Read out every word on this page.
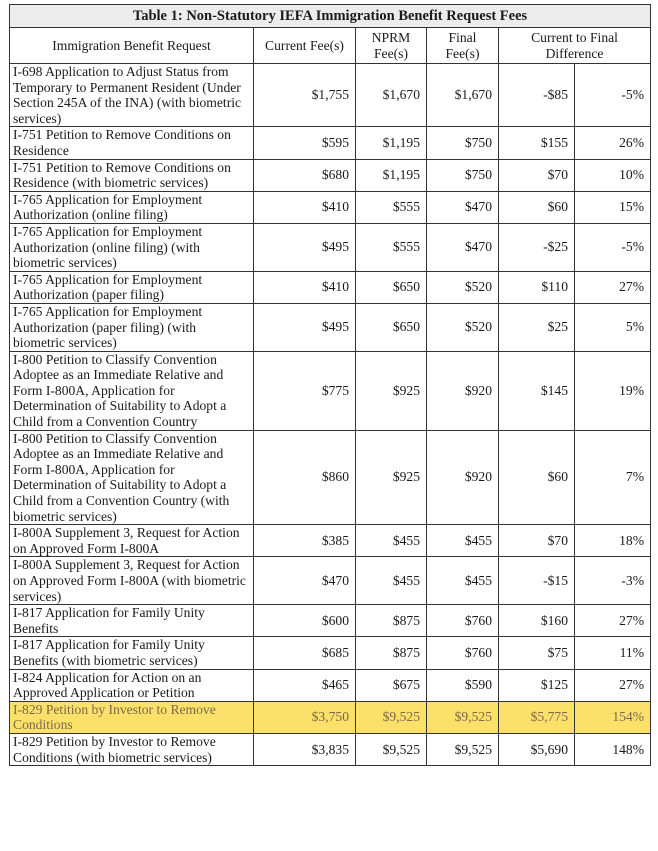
Table 1: Non-Statutory IEFA Immigration Benefit Request Fees					
Immigration Benefit Request	Current Fee(s)	NPRM Fee(s)	Final Fee(s)	Current to Final Difference	
I-698 Application to Adjust Status from Temporary to Permanent Resident (Under Section 245A of the INA) (with biometric services)	$1,755	$1,670	$1,670	-$85	-5%
I-751 Petition to Remove Conditions on Residence	$595	$1,195	$750	$155	26%
I-751 Petition to Remove Conditions on Residence (with biometric services)	$680	$1,195	$750	$70	10%
I-765 Application for Employment Authorization (online filing)	$410	$555	$470	$60	15%
I-765 Application for Employment Authorization (online filing) (with biometric services)	$495	$555	$470	-$25	-5%
I-765 Application for Employment Authorization (paper filing)	$410	$650	$520	$110	27%
I-765 Application for Employment Authorization (paper filing) (with biometric services)	$495	$650	$520	$25	5%
I-800 Petition to Classify Convention Adoptee as an Immediate Relative and Form I-800A, Application for Determination of Suitability to Adopt a Child from a Convention Country	$775	$925	$920	$145	19%
I-800 Petition to Classify Convention Adoptee as an Immediate Relative and Form I-800A, Application for Determination of Suitability to Adopt a Child from a Convention Country (with biometric services)	$860	$925	$920	$60	7%
I-800A Supplement 3, Request for Action on Approved Form I-800A	$385	$455	$455	$70	18%
I-800A Supplement 3, Request for Action on Approved Form I-800A (with biometric services)	$470	$455	$455	-$15	-3%
I-817 Application for Family Unity Benefits	$600	$875	$760	$160	27%
I-817 Application for Family Unity Benefits (with biometric services)	$685	$875	$760	$75	11%
I-824 Application for Action on an Approved Application or Petition	$465	$675	$590	$125	27%
I-829 Petition by Investor to Remove Conditions	$3,750	$9,525	$9,525	$5,775	154%
I-829 Petition by Investor to Remove Conditions (with biometric services)	$3,835	$9,525	$9,525	$5,690	148%
